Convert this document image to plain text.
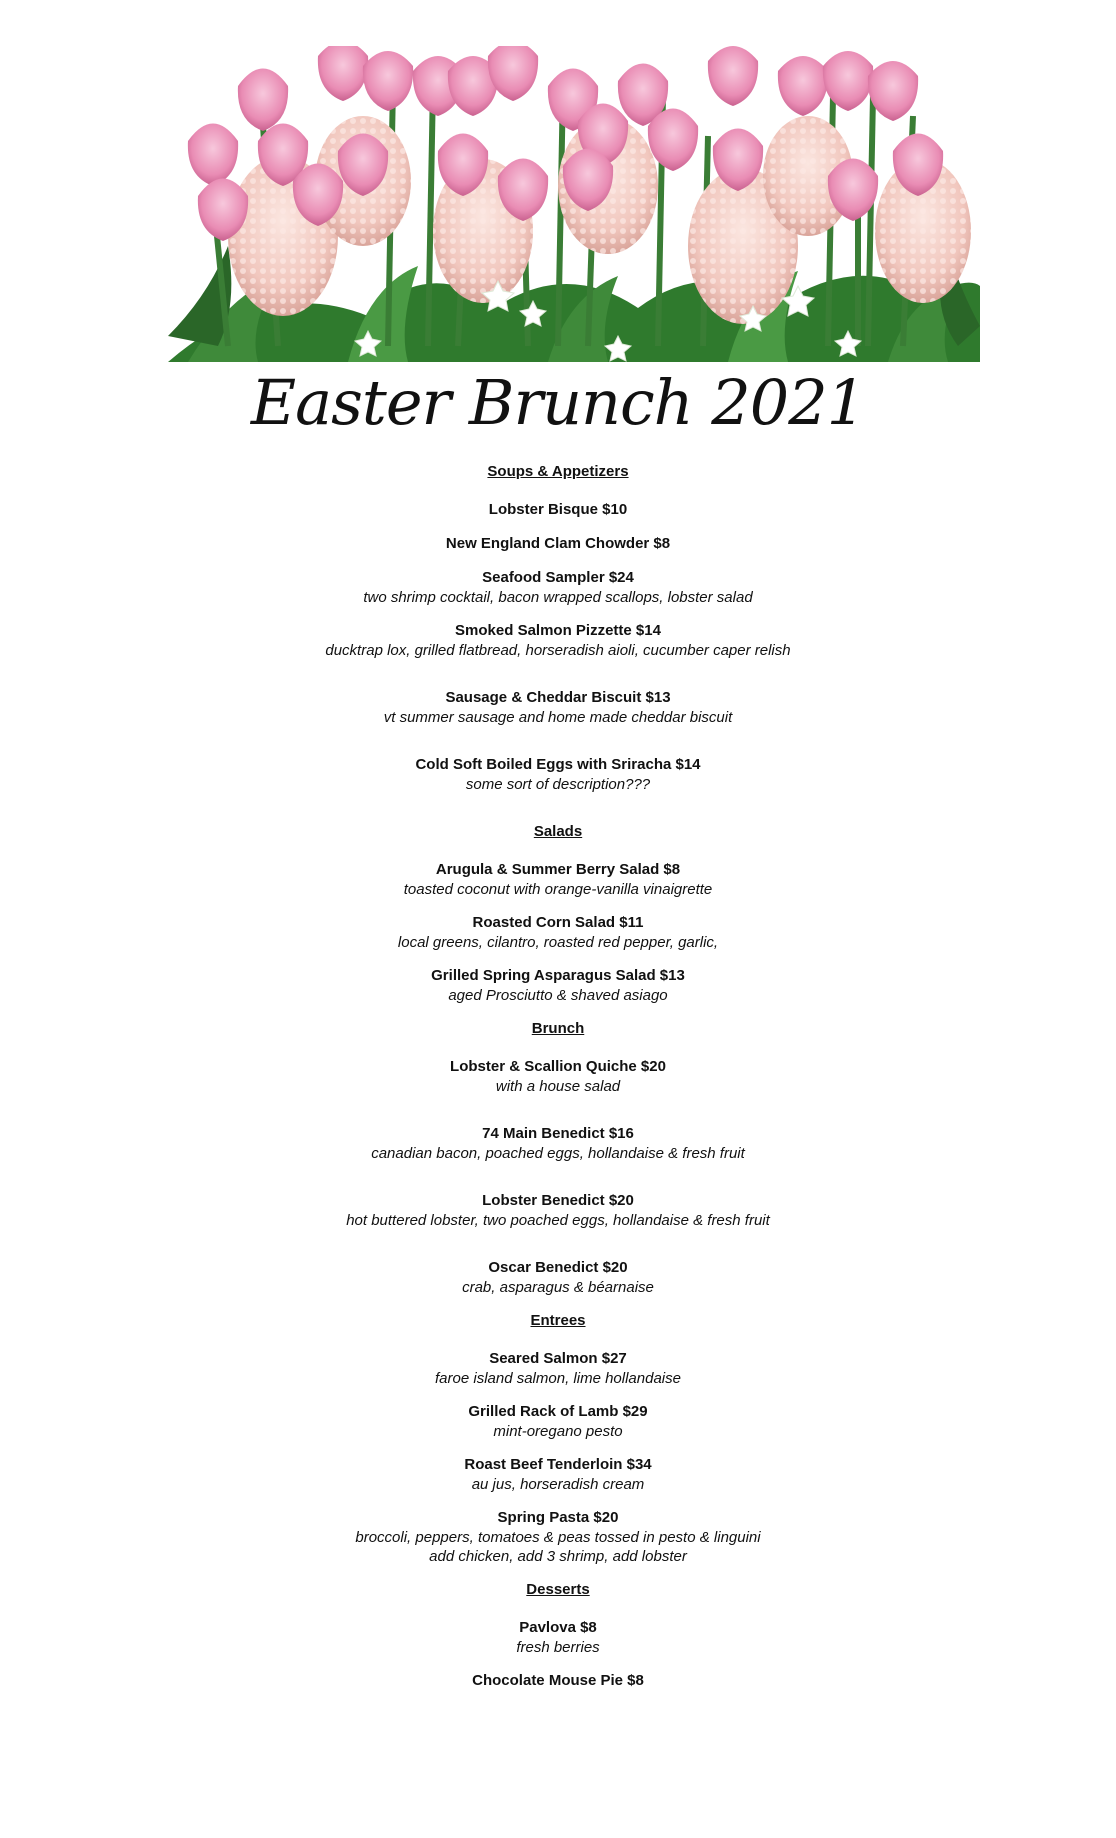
Easter Brunch 2021
Soups & Appetizers
Lobster Bisque $10
New England Clam Chowder $8
Seafood Sampler $24
two shrimp cocktail, bacon wrapped scallops, lobster salad
Smoked Salmon Pizzette $14
ducktrap lox, grilled flatbread, horseradish aioli, cucumber caper relish
Sausage & Cheddar Biscuit $13
vt summer sausage and home made cheddar biscuit
Cold Soft Boiled Eggs with Sriracha $14
some sort of description???
Salads
Arugula & Summer Berry Salad $8
toasted coconut with orange-vanilla vinaigrette
Roasted Corn Salad $11
local greens, cilantro, roasted red pepper, garlic,
Grilled Spring Asparagus Salad $13
aged Prosciutto & shaved asiago
Brunch
Lobster & Scallion Quiche $20
with a house salad
74 Main Benedict $16
canadian bacon, poached eggs, hollandaise & fresh fruit
Lobster Benedict $20
hot buttered lobster, two poached eggs, hollandaise & fresh fruit
Oscar Benedict $20
crab, asparagus & béarnaise
Entrees
Seared Salmon $27
faroe island salmon, lime hollandaise
Grilled Rack of Lamb $29
mint-oregano pesto
Roast Beef Tenderloin $34
au jus, horseradish cream
Spring Pasta $20
broccoli, peppers, tomatoes & peas tossed in pesto & linguini
add chicken, add 3 shrimp, add lobster
Desserts
Pavlova $8
fresh berries
Chocolate Mouse Pie $8
